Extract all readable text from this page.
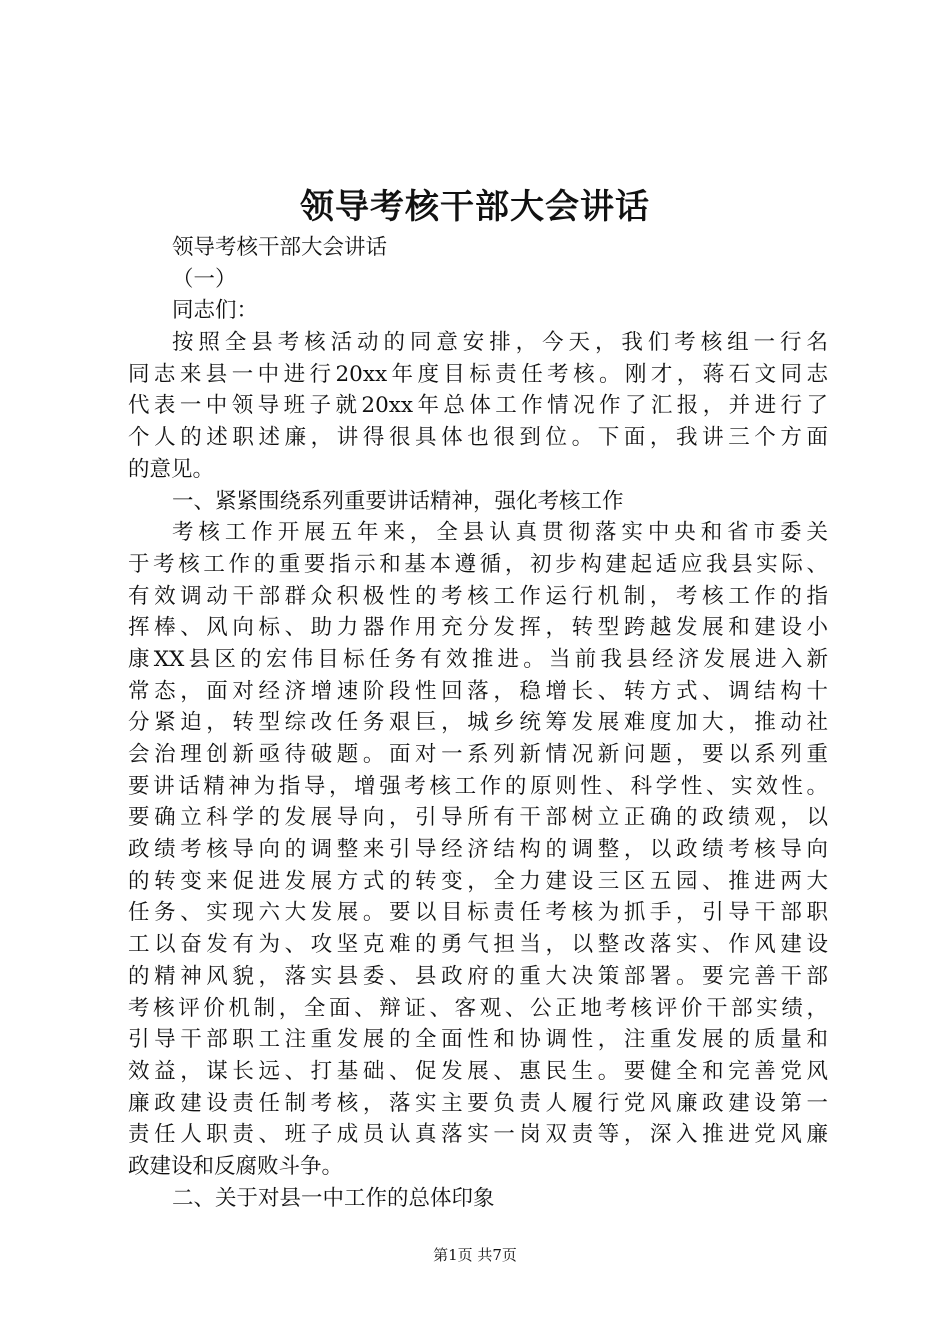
领导考核干部大会讲话
领导考核干部大会讲话
（一）
同志们：
按照全县考核活动的同意安排，今天，我们考核组一行名
同志来县一中进行20xx年度目标责任考核。刚才，蒋石文同志
代表一中领导班子就20xx年总体工作情况作了汇报，并进行了
个人的述职述廉，讲得很具体也很到位。下面，我讲三个方面
的意见。
一、紧紧围绕系列重要讲话精神，强化考核工作
考核工作开展五年来，全县认真贯彻落实中央和省市委关
于考核工作的重要指示和基本遵循，初步构建起适应我县实际、
有效调动干部群众积极性的考核工作运行机制，考核工作的指
挥棒、风向标、助力器作用充分发挥，转型跨越发展和建设小
康XX县区的宏伟目标任务有效推进。当前我县经济发展进入新
常态，面对经济增速阶段性回落，稳增长、转方式、调结构十
分紧迫，转型综改任务艰巨，城乡统筹发展难度加大，推动社
会治理创新亟待破题。面对一系列新情况新问题，要以系列重
要讲话精神为指导，增强考核工作的原则性、科学性、实效性。
要确立科学的发展导向，引导所有干部树立正确的政绩观，以
政绩考核导向的调整来引导经济结构的调整，以政绩考核导向
的转变来促进发展方式的转变，全力建设三区五园、推进两大
任务、实现六大发展。要以目标责任考核为抓手，引导干部职
工以奋发有为、攻坚克难的勇气担当，以整改落实、作风建设
的精神风貌，落实县委、县政府的重大决策部署。要完善干部
考核评价机制，全面、辩证、客观、公正地考核评价干部实绩，
引导干部职工注重发展的全面性和协调性，注重发展的质量和
效益，谋长远、打基础、促发展、惠民生。要健全和完善党风
廉政建设责任制考核，落实主要负责人履行党风廉政建设第一
责任人职责、班子成员认真落实一岗双责等，深入推进党风廉
政建设和反腐败斗争。
二、关于对县一中工作的总体印象
第1页 共7页
